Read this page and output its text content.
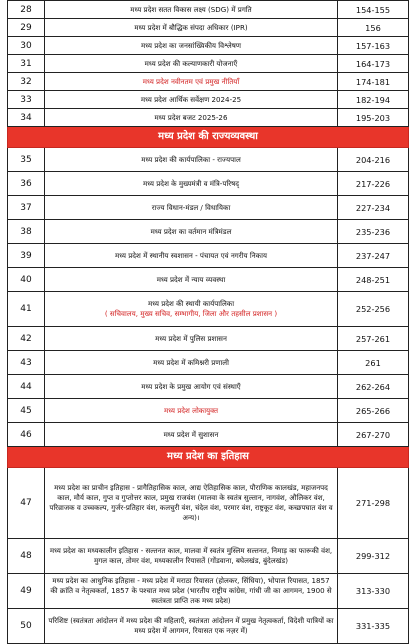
28	मध्य प्रदेश सतत विकास लक्ष्य (SDG) में प्रगति	154-155
29	मध्य प्रदेश में बौद्धिक संपदा अधिकार (IPR)	156
30	मध्य प्रदेश का जनसांख्यिकीय विश्लेषण	157-163
31	मध्य प्रदेश की कल्याणकारी योजनाएँ	164-173
32	मध्य प्रदेश नवीनतम एवं प्रमुख नीतियाँ	174-181
33	मध्य प्रदेश आर्थिक सर्वेक्षण 2024-25	182-194
34	मध्य प्रदेश बजट 2025-26	195-203
मध्य प्रदेश की राज्यव्यवस्था		
35	मध्य प्रदेश की कार्यपालिका - राज्यपाल	204-216
36	मध्य प्रदेश के मुख्यमंत्री व मंत्रि-परिषद्	217-226
37	राज्य विधान-मंडल / विधायिका	227-234
38	मध्य प्रदेश का वर्तमान मंत्रिमंडल	235-236
39	मध्य प्रदेश में स्थानीय स्वशासन - पंचायत एवं नगरीय निकाय	237-247
40	मध्य प्रदेश में न्याय व्यवस्था	248-251
41	मध्य प्रदेश की स्थायी कार्यपालिका
( सचिवालय, मुख्य सचिव, सम्भागीय, जिला और तहसील प्रशासन )	252-256
42	मध्य प्रदेश में पुलिस प्रशासन	257-261
43	मध्य प्रदेश में कमिश्नरी प्रणाली	261
44	मध्य प्रदेश के प्रमुख आयोग एवं संस्थाएँ	262-264
45	मध्य प्रदेश लोकायुक्त	265-266
46	मध्य प्रदेश में सुशासन	267-270
मध्य प्रदेश का इतिहास		
47	मध्य प्रदेश का प्राचीन इतिहास - प्रागैतिहासिक काल, आद्य ऐतिहासिक काल, पौराणिक कालखंड, महाजनपद काल, मौर्य काल, गुप्त व गुप्तोत्तर काल, प्रमुख राजवंश (मालवा के स्वतंत्र सुल्तान, नागवंश, औलिकर वंश, परिव्राजक व उच्चकल्प, गुर्जर-प्रतिहार वंश, कलचुरी वंश, चंदेल वंश, परमार वंश, राष्ट्रकूट वंश, कच्छपघात वंश व अन्य)।	271-298
48	मध्य प्रदेश का मध्यकालीन इतिहास - सल्तनत काल, मालवा में स्वतंत्र मुस्लिम सल्तनत, निमाड़ का फारूकी वंश, मुगल काल, तोमर वंश, मध्यकालीन रियासतें (गोंडवाना, बघेलखंड, बुंदेलखंड)	299-312
49	मध्य प्रदेश का आधुनिक इतिहास - मध्य प्रदेश में मराठा रियासत (होलकर, सिंधिया), भोपाल रियासत, 1857 की क्रांति व नेतृत्वकर्ता, 1857 के पश्चात मध्य प्रदेश (भारतीय राष्ट्रीय कांग्रेस, गांधी जी का आगमन, 1900 से स्वतंत्रता प्राप्ति तक मध्य प्रदेश)	313-330
50	परिशिष्ट (स्वतंत्रता आंदोलन में मध्य प्रदेश की महिलाएँ, स्वतंत्रता आंदोलन में प्रमुख नेतृत्वकर्ता, विदेशी यात्रियों का मध्य प्रदेश में आगमन, रियासत एक नज़र में)	331-335
